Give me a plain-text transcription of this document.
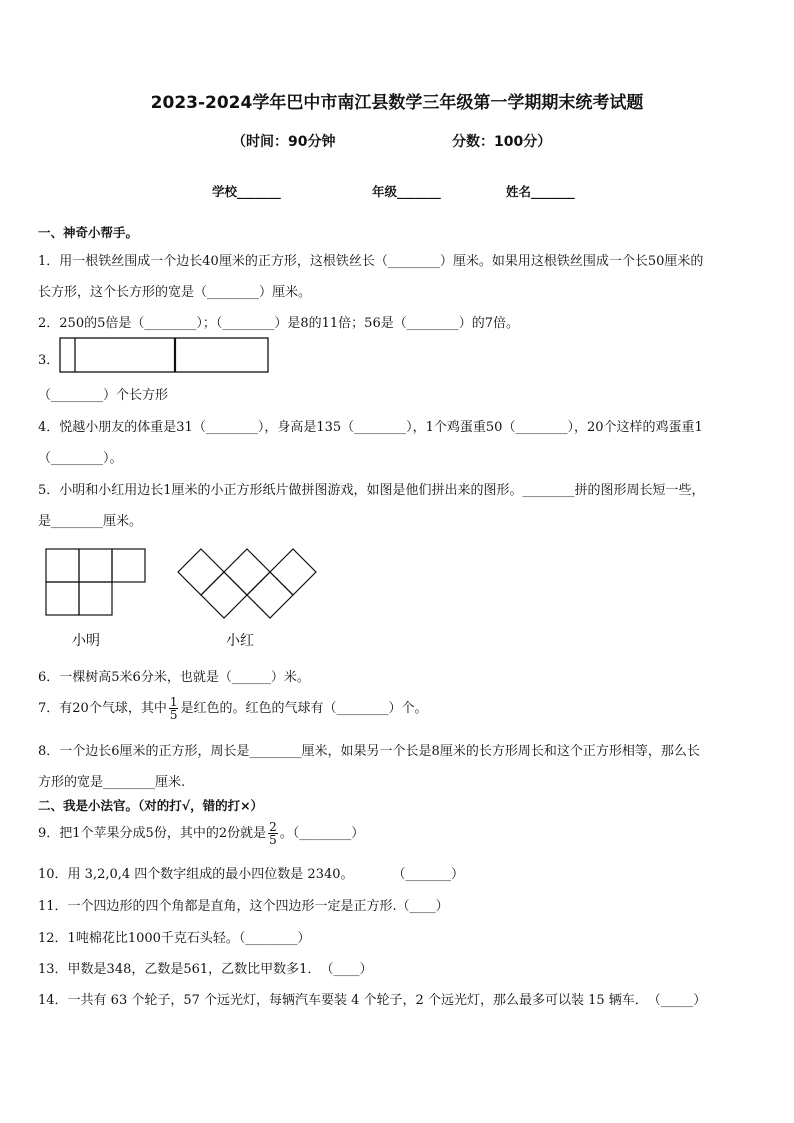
2023-2024学年巴中市南江县数学三年级第一学期期末统考试题
（时间：90分钟	分数：100分）
学校_______	年级_______	姓名_______
一、神奇小帮手。
1．用一根铁丝围成一个边长40厘米的正方形，这根铁丝长（________）厘米。如果用这根铁丝围成一个长50厘米的
长方形，这个长方形的宽是（________）厘米。
2．250的5倍是（________）；（________）是8的11倍；56是（________）的7倍。
3．
（________）个长方形
4．悦越小朋友的体重是31（________），身高是135（________），1个鸡蛋重50（________），20个这样的鸡蛋重1
（________）。
5．小明和小红用边长1厘米的小正方形纸片做拼图游戏，如图是他们拼出来的图形。________拼的图形周长短一些，
是________厘米。
小明	小红
6．一棵树高5米6分米，也就是（______）米。
7．有20个气球，其中 $\frac{1}{5}$ 是红色的。红色的气球有（________）个。
8．一个边长6厘米的正方形，周长是________厘米，如果另一个长是8厘米的长方形周长和这个正方形相等，那么长
方形的宽是________厘米.
二、我是小法官。（对的打√，错的打×）
9．把1个苹果分成5份，其中的2份就是 $\frac{2}{5}$ 。（________）
10．用 3,2,0,4 四个数字组成的最小四位数是 2340。　　　　（_______）
11．一个四边形的四个角都是直角，这个四边形一定是正方形.（____）
12．1吨棉花比1000千克石头轻。（________）
13．甲数是348，乙数是561，乙数比甲数多1．　（____）
14．一共有 63 个轮子，57 个远光灯，每辆汽车要装 4 个轮子，2 个远光灯，那么最多可以装 15 辆车．　（_____）
